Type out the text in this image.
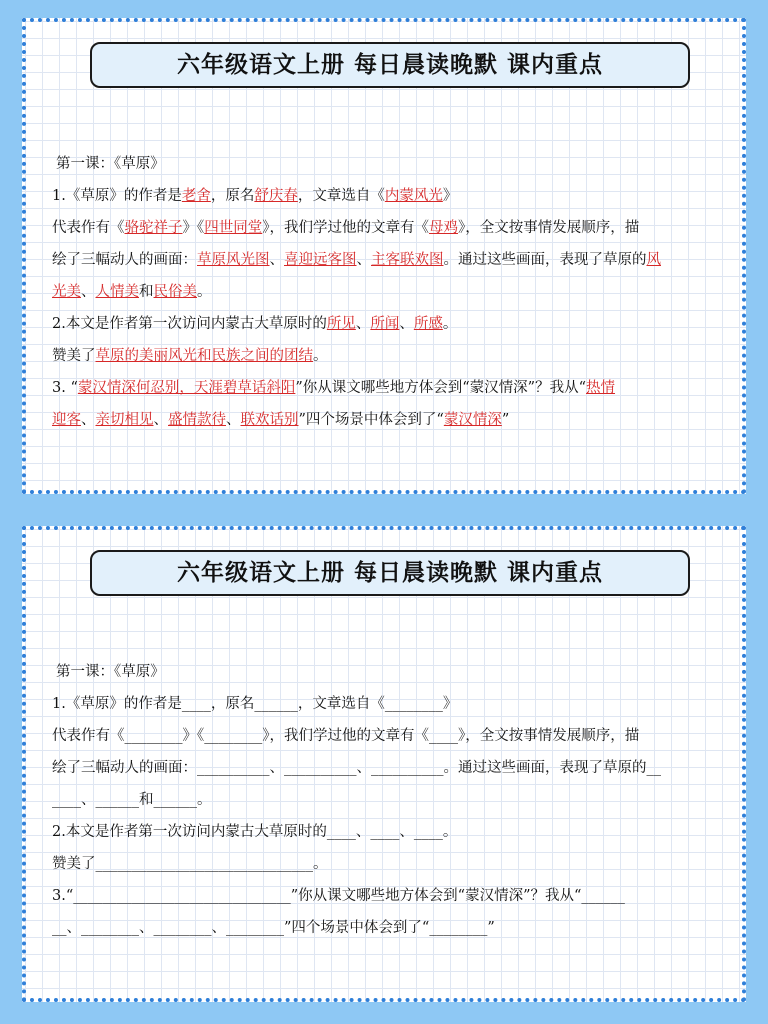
六年级语文上册 每日晨读晚默 课内重点
第一课：《草原》
1.《草原》的作者是老舍，原名舒庆春，文章选自《内蒙风光》
代表作有《骆驼祥子》《四世同堂》，我们学过他的文章有《母鸡》，全文按事情发展顺序，描
绘了三幅动人的画面：草原风光图、喜迎远客图、主客联欢图。通过这些画面，表现了草原的风
光美、人情美和民俗美。
2.本文是作者第一次访问内蒙古大草原时的所见、所闻、所感。
赞美了草原的美丽风光和民族之间的团结。
3. “蒙汉情深何忍别，天涯碧草话斜阳”你从课文哪些地方体会到“蒙汉情深”？我从“热情
迎客、亲切相见、盛情款待、联欢话别”四个场景中体会到了“蒙汉情深”
六年级语文上册 每日晨读晚默 课内重点
第一课：《草原》
1.《草原》的作者是____，原名______，文章选自《________》
代表作有《________》《________》，我们学过他的文章有《____》，全文按事情发展顺序，描
绘了三幅动人的画面：__________、__________、__________。通过这些画面，表现了草原的__
____、______和______。
2.本文是作者第一次访问内蒙古大草原时的____、____、____。
赞美了______________________________。
3.“______________________________”你从课文哪些地方体会到“蒙汉情深”？我从“______
__、________、________、________”四个场景中体会到了“________”
